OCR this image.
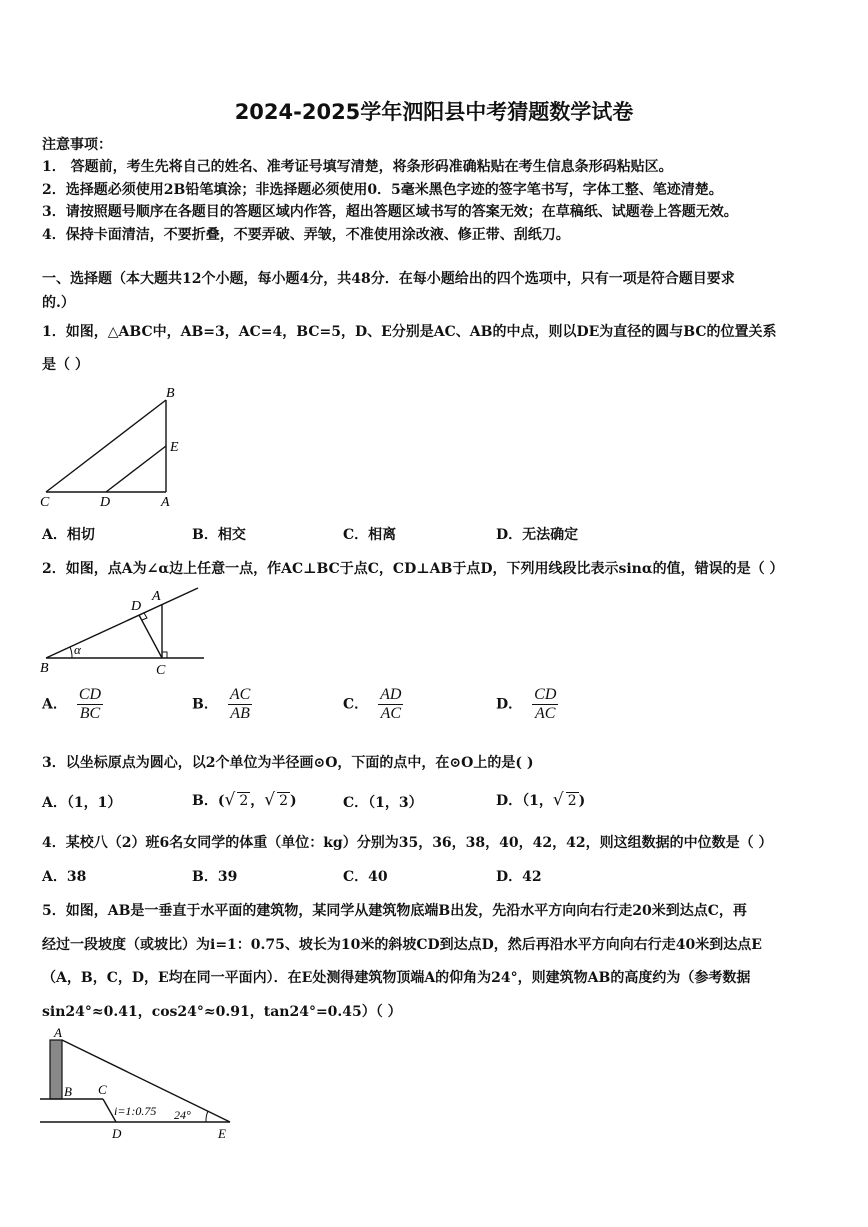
2024-2025学年泗阳县中考猜题数学试卷
注意事项：
1． 答题前，考生先将自己的姓名、准考证号填写清楚，将条形码准确粘贴在考生信息条形码粘贴区。
2．选择题必须使用2B铅笔填涂；非选择题必须使用0．5毫米黑色字迹的签字笔书写，字体工整、笔迹清楚。
3．请按照题号顺序在各题目的答题区域内作答，超出答题区域书写的答案无效；在草稿纸、试题卷上答题无效。
4．保持卡面清洁，不要折叠，不要弄破、弄皱，不准使用涂改液、修正带、刮纸刀。
一、选择题（本大题共12个小题，每小题4分，共48分．在每小题给出的四个选项中，只有一项是符合题目要求
的.）
1．如图，△ABC中，AB=3，AC=4，BC=5，D、E分别是AC、AB的中点，则以DE为直径的圆与BC的位置关系
是（ ）
B
E
C	D	A
A．相切	B．相交	C．相离	D．无法确定
2．如图，点A为∠α边上任意一点，作AC⊥BC于点C，CD⊥AB于点D，下列用线段比表示sinα的值，错误的是（ ）
D
A
B
α
C
A． $\frac{CD}{BC}$	B． $\frac{AC}{AB}$	C． $\frac{AD}{AC}$	D． $\frac{CD}{AC}$
3．以坐标原点为圆心，以2个单位为半径画⊙O，下面的点中，在⊙O上的是( )
A．（1，1）	B．(√ 2 ，√ 2 )	C．（1，3）	D．（1，√ 2 )
4．某校八（2）班6名女同学的体重（单位：kg）分别为35，36，38，40，42，42，则这组数据的中位数是（ ）
A．38	B．39	C．40	D．42
5．如图，AB是一垂直于水平面的建筑物，某同学从建筑物底端B出发，先沿水平方向向右行走20米到达点C，再
经过一段坡度（或坡比）为i=1：0.75、坡长为10米的斜坡CD到达点D，然后再沿水平方向向右行走40米到达点E
（A，B，C，D，E均在同一平面内）．在E处测得建筑物顶端A的仰角为24°，则建筑物AB的高度约为（参考数据
sin24°≈0.41，cos24°≈0.91，tan24°=0.45）（ ）
A
B C
D	E
i=1:0.75 24°
